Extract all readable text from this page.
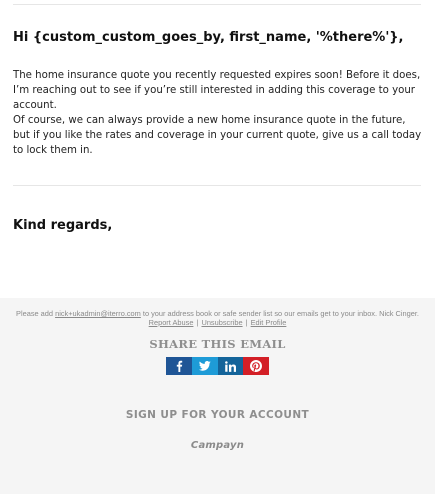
Hi {custom_custom_goes_by, first_name, '%there%'},
The home insurance quote you recently requested expires soon! Before it does, I’m reaching out to see if you’re still interested in adding this coverage to your account.
Of course, we can always provide a new home insurance quote in the future, but if you like the rates and coverage in your current quote, give us a call today to lock them in.
Kind regards,
Please add nick+ukadmin@iterro.com to your address book or safe sender list so our emails get to your inbox. Nick Cinger.
Report Abuse | Unsubscribe | Edit Profile
SHARE THIS EMAIL
SIGN UP FOR YOUR ACCOUNT
Campayn
